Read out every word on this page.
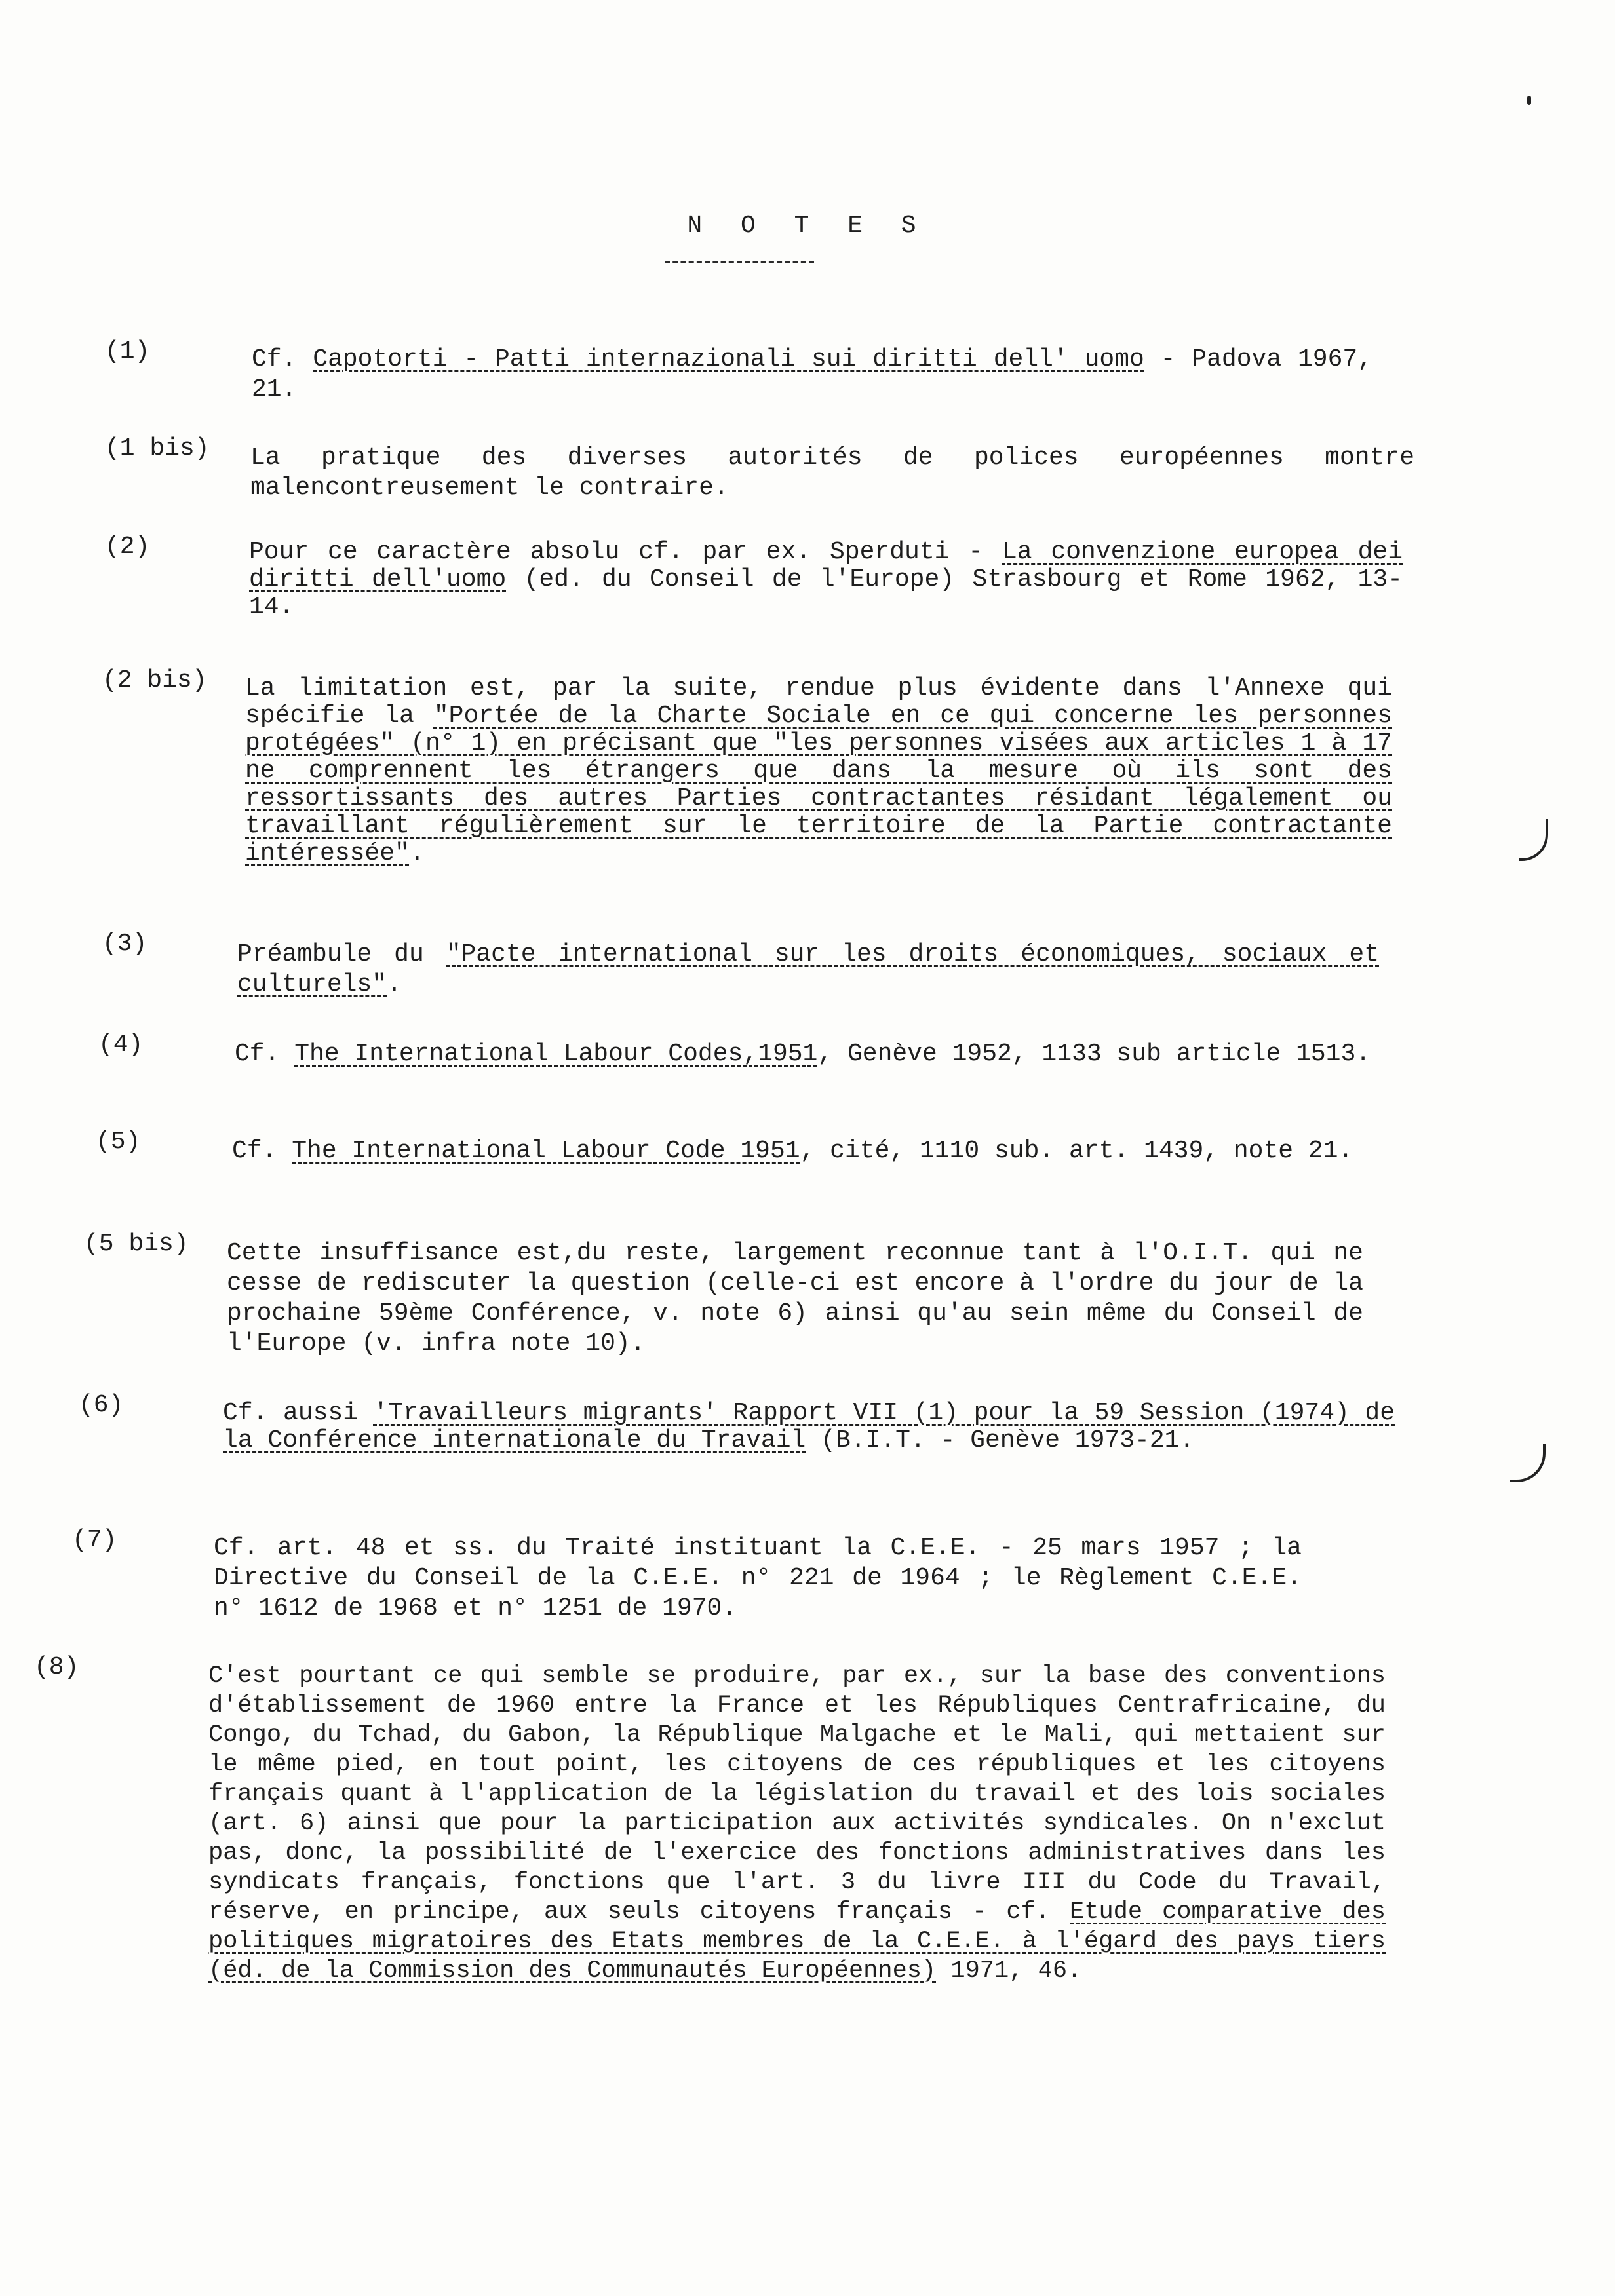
N O T E S
(1)	Cf. Capotorti - Patti internazionali sui diritti dell' uomo - Padova 1967, 21.
(1 bis) La pratique des diverses autorités de polices européennes montre malencontreusement le contraire.
(2)	Pour ce caractère absolu cf. par ex. Sperduti - La convenzione europea dei diritti dell'uomo (ed. du Conseil de l'Europe) Strasbourg et Rome 1962, 13-14.
(2 bis) La limitation est, par la suite, rendue plus évidente dans l'Annexe qui spécifie la "Portée de la Charte Sociale en ce qui concerne les personnes protégées" (n° 1) en précisant que "les personnes visées aux articles 1 à 17 ne comprennent les étrangers que dans la mesure où ils sont des ressortissants des autres Parties contractantes résidant légalement ou travaillant régulièrement sur le territoire de la Partie contractante intéressée".
(3)	Préambule du "Pacte international sur les droits économiques, sociaux et culturels".
(4)	Cf. The International Labour Codes,1951, Genève 1952, 1133 sub article 1513.
(5)	Cf. The International Labour Code 1951, cité, 1110 sub. art. 1439, note 21.
(5 bis) Cette insuffisance est,du reste, largement reconnue tant à l'O.I.T. qui ne cesse de rediscuter la question (celle-ci est encore à l'ordre du jour de la prochaine 59ème Conférence, v. note 6) ainsi qu'au sein même du Conseil de l'Europe (v. infra note 10).
(6)	Cf. aussi 'Travailleurs migrants' Rapport VII (1) pour la 59 Session (1974) de la Conférence internationale du Travail (B.I.T. - Genève 1973-21.
(7)	Cf. art. 48 et ss. du Traité instituant la C.E.E. - 25 mars 1957 ; la Directive du Conseil de la C.E.E. n° 221 de 1964 ; le Règlement C.E.E. n° 1612 de 1968 et n° 1251 de 1970.
(8)	C'est pourtant ce qui semble se produire, par ex., sur la base des conventions d'établissement de 1960 entre la France et les Républiques Centrafricaine, du Congo, du Tchad, du Gabon, la République Malgache et le Mali, qui mettaient sur le même pied, en tout point, les citoyens de ces républiques et les citoyens français quant à l'application de la législation du travail et des lois sociales (art. 6) ainsi que pour la participation aux activités syndicales. On n'exclut pas, donc, la possibilité de l'exercice des fonctions administratives dans les syndicats français, fonctions que l'art. 3 du livre III du Code du Travail, réserve, en principe, aux seuls citoyens français - cf. Etude comparative des politiques migratoires des Etats membres de la C.E.E. à l'égard des pays tiers (éd. de la Commission des Communautés Européennes) 1971, 46.
